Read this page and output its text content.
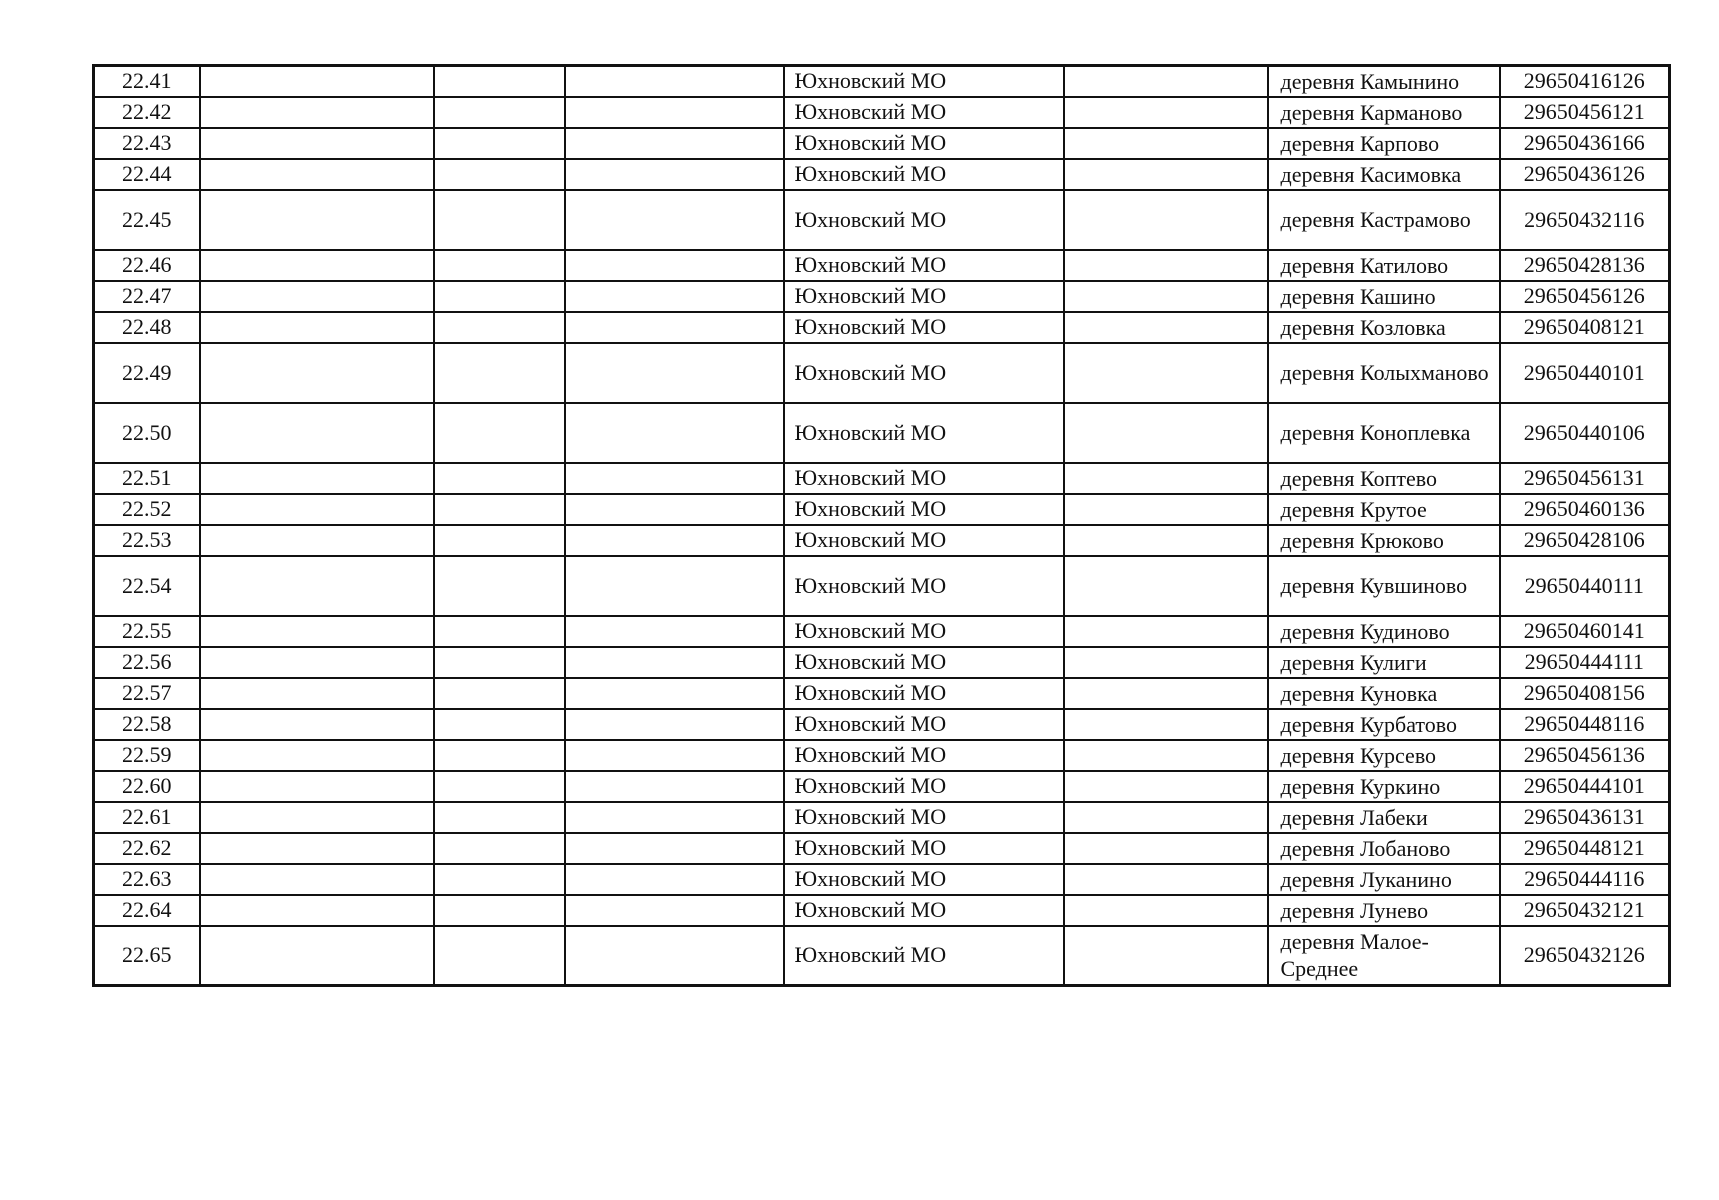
22.41				Юхновский МО		деревня Камынино	29650416126
22.42				Юхновский МО		деревня Карманово	29650456121
22.43				Юхновский МО		деревня Карпово	29650436166
22.44				Юхновский МО		деревня Касимовка	29650436126
22.45				Юхновский МО		деревня Кастрамово	29650432116
22.46				Юхновский МО		деревня Катилово	29650428136
22.47				Юхновский МО		деревня Кашино	29650456126
22.48				Юхновский МО		деревня Козловка	29650408121
22.49				Юхновский МО		деревня Колыхманово	29650440101
22.50				Юхновский МО		деревня Коноплевка	29650440106
22.51				Юхновский МО		деревня Коптево	29650456131
22.52				Юхновский МО		деревня Крутое	29650460136
22.53				Юхновский МО		деревня Крюково	29650428106
22.54				Юхновский МО		деревня Кувшиново	29650440111
22.55				Юхновский МО		деревня Кудиново	29650460141
22.56				Юхновский МО		деревня Кулиги	29650444111
22.57				Юхновский МО		деревня Куновка	29650408156
22.58				Юхновский МО		деревня Курбатово	29650448116
22.59				Юхновский МО		деревня Курсево	29650456136
22.60				Юхновский МО		деревня Куркино	29650444101
22.61				Юхновский МО		деревня Лабеки	29650436131
22.62				Юхновский МО		деревня Лобаново	29650448121
22.63				Юхновский МО		деревня Луканино	29650444116
22.64				Юхновский МО		деревня Лунево	29650432121
22.65				Юхновский МО		деревня Малое-Среднее	29650432126
